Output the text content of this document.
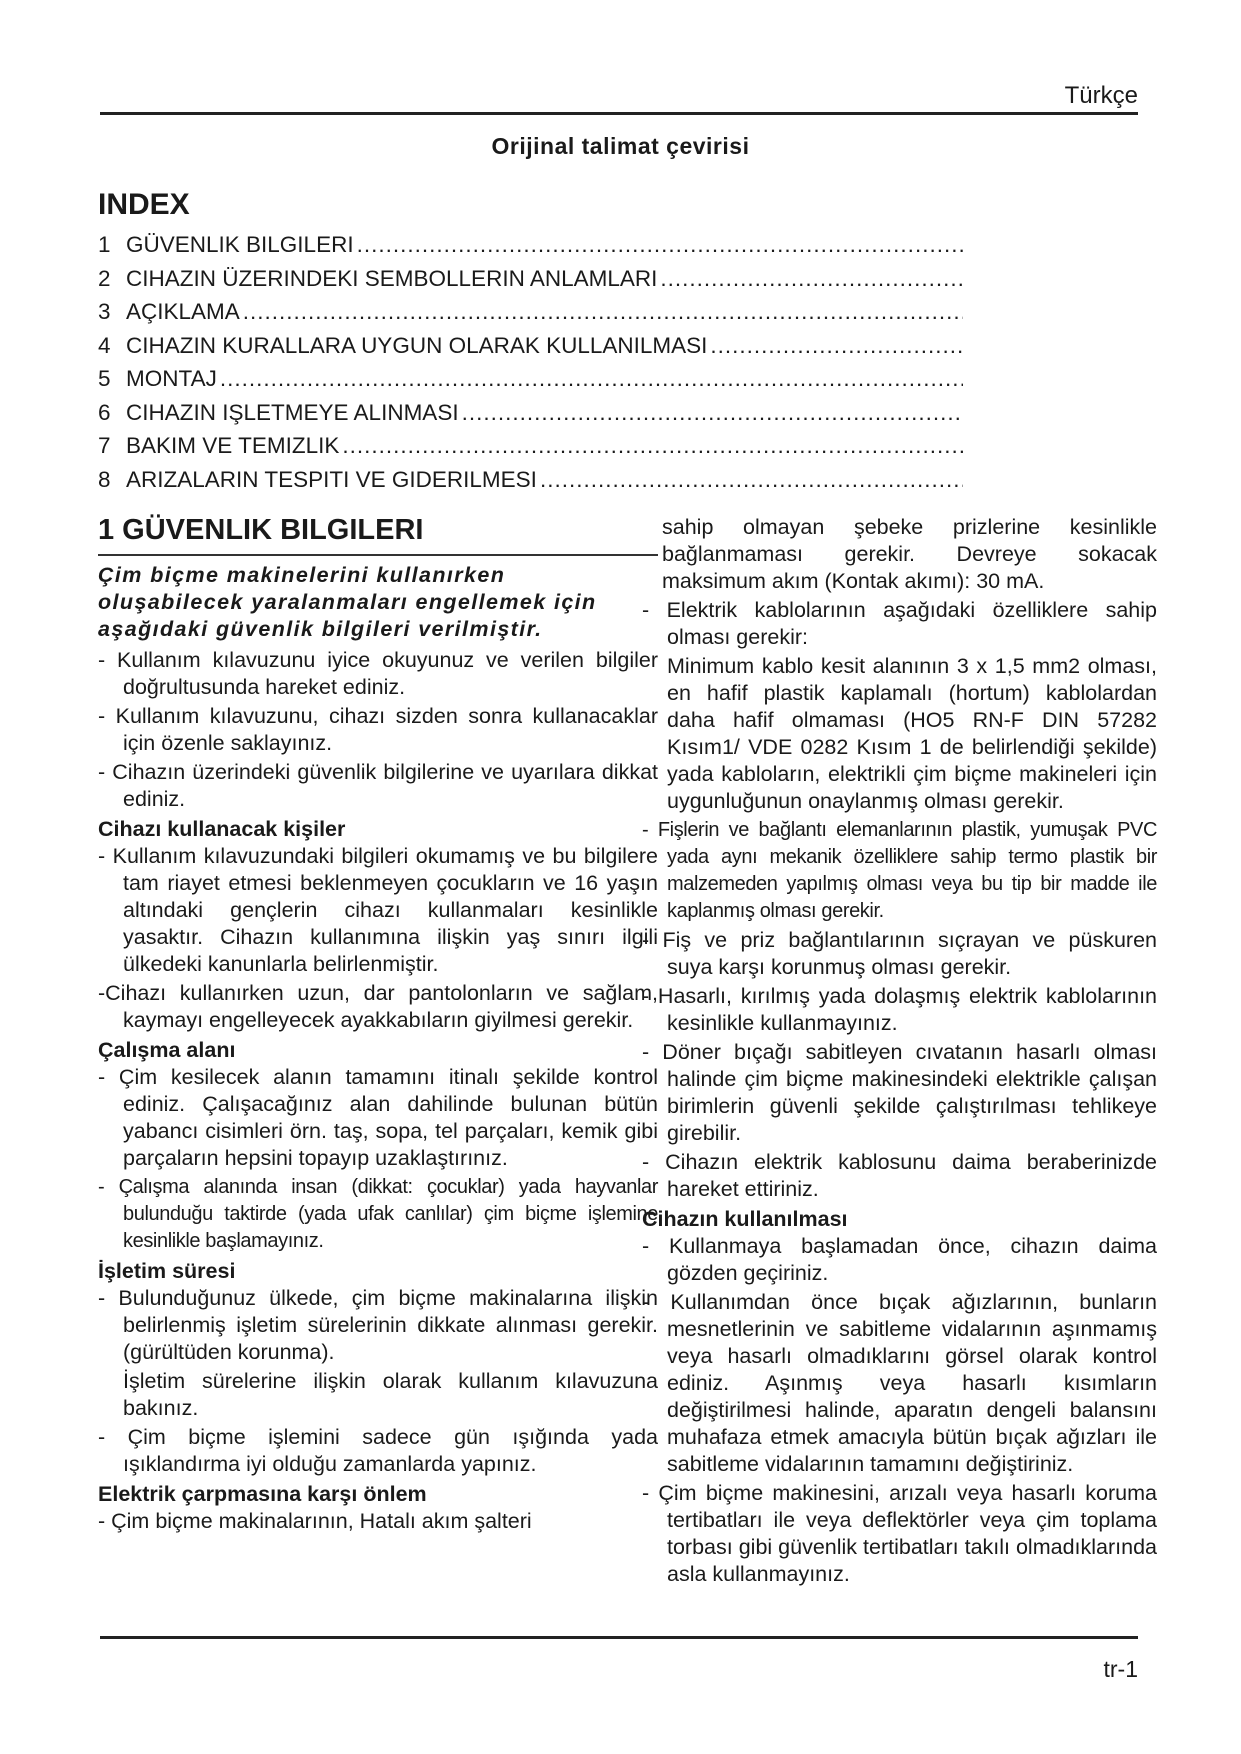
Türkçe
Orijinal talimat çevirisi
INDEX
1 GÜVENLIK BILGILERI
.....
2 CIHAZIN ÜZERINDEKI SEMBOLLERIN ANLAMLARI
.....
3 AÇIKLAMA
.....
4 CIHAZIN KURALLARA UYGUN OLARAK KULLANILMASI
.....
5 MONTAJ
.....
6 CIHAZIN IŞLETMEYE ALINMASI
.....
7 BAKIM VE TEMIZLIK
.....
8 ARIZALARIN TESPITI VE GIDERILMESI
.....
1 GÜVENLIK BILGILERI
Çim biçme makinelerini kullanırken oluşabilecek yaralanmaları engellemek için aşağıdaki güvenlik bilgileri verilmiştir.
- Kullanım kılavuzunu iyice okuyunuz ve verilen bilgiler doğrultusunda hareket ediniz.
- Kullanım kılavuzunu, cihazı sizden sonra kullanacaklar için özenle saklayınız.
- Cihazın üzerindeki güvenlik bilgilerine ve uyarılara dikkat ediniz.
Cihazı kullanacak kişiler
- Kullanım kılavuzundaki bilgileri okumamış ve bu bilgilere tam riayet etmesi beklenmeyen çocukların ve 16 yaşın altındaki gençlerin cihazı kullanmaları kesinlikle yasaktır. Cihazın kullanımına ilişkin yaş sınırı ilgili ülkedeki kanunlarla belirlenmiştir.
-Cihazı kullanırken uzun, dar pantolonların ve sağlam, kaymayı engelleyecek ayakkabıların giyilmesi gerekir.
Çalışma alanı
- Çim kesilecek alanın tamamını itinalı şekilde kontrol ediniz. Çalışacağınız alan dahilinde bulunan bütün yabancı cisimleri örn. taş, sopa, tel parçaları, kemik gibi parçaların hepsini topayıp uzaklaştırınız.
- Çalışma alanında insan (dikkat: çocuklar) yada hayvanlar bulunduğu taktirde (yada ufak canlılar) çim biçme işlemine kesinlikle başlamayınız.
İşletim süresi
- Bulunduğunuz ülkede, çim biçme makinalarına ilişkin belirlenmiş işletim sürelerinin dikkate alınması gerekir. (gürültüden korunma).
İşletim sürelerine ilişkin olarak kullanım kılavuzuna bakınız.
- Çim biçme işlemini sadece gün ışığında yada ışıklandırma iyi olduğu zamanlarda yapınız.
Elektrik çarpmasına karşı önlem
- Çim biçme makinalarının, Hatalı akım şalteri
sahip olmayan şebeke prizlerine kesinlikle bağlanmaması gerekir. Devreye sokacak maksimum akım (Kontak akımı): 30 mA.
- Elektrik kablolarının aşağıdaki özelliklere sahip olması gerekir:
Minimum kablo kesit alanının 3 x 1,5 mm2 olması, en hafif plastik kaplamalı (hortum) kablolardan daha hafif olmaması (HO5 RN-F DIN 57282 Kısım1/ VDE 0282 Kısım 1 de belirlendiği şekilde) yada kabloların, elektrikli çim biçme makineleri için uygunluğunun onaylanmış olması gerekir.
- Fişlerin ve bağlantı elemanlarının plastik, yumuşak PVC yada aynı mekanik özelliklere sahip termo plastik bir malzemeden yapılmış olması veya bu tip bir madde ile kaplanmış olması gerekir.
- Fiş ve priz bağlantılarının sıçrayan ve püskuren suya karşı korunmuş olması gerekir.
- Hasarlı, kırılmış yada dolaşmış elektrik kablolarının kesinlikle kullanmayınız.
- Döner bıçağı sabitleyen cıvatanın hasarlı olması halinde çim biçme makinesindeki elektrikle çalışan birimlerin güvenli şekilde çalıştırılması tehlikeye girebilir.
- Cihazın elektrik kablosunu daima beraberinizde hareket ettiriniz.
Cihazın kullanılması
- Kullanmaya başlamadan önce, cihazın daima gözden geçiriniz.
- Kullanımdan önce bıçak ağızlarının, bunların mesnetlerinin ve sabitleme vidalarının aşınmamış veya hasarlı olmadıklarını görsel olarak kontrol ediniz. Aşınmış veya hasarlı kısımların değiştirilmesi halinde, aparatın dengeli balansını muhafaza etmek amacıyla bütün bıçak ağızları ile sabitleme vidalarının tamamını değiştiriniz.
- Çim biçme makinesini, arızalı veya hasarlı koruma tertibatları ile veya deflektörler veya çim toplama torbası gibi güvenlik tertibatları takılı olmadıklarında asla kullanmayınız.
tr-1
